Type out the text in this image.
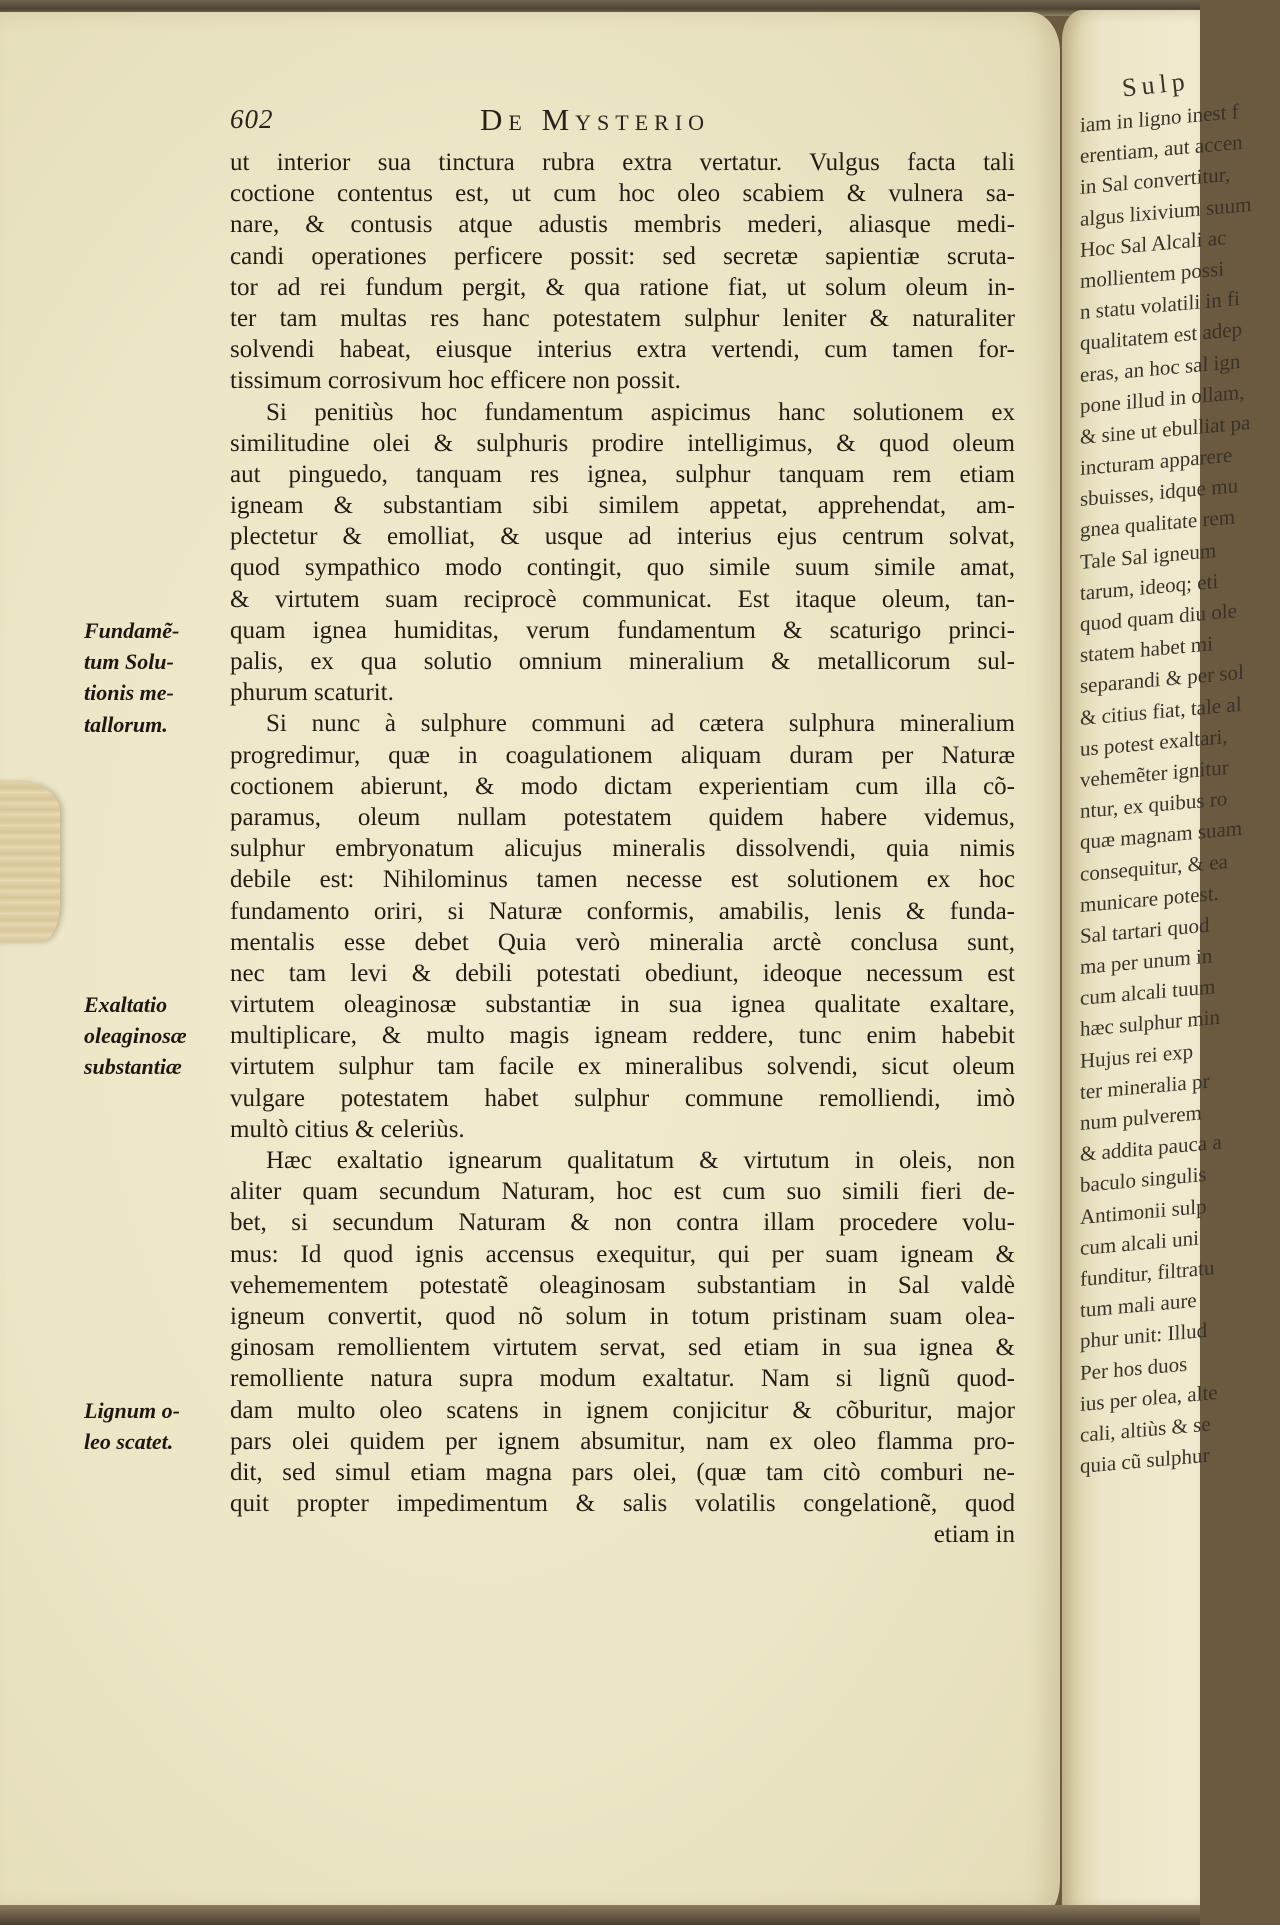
602	De Mysterio
ut interior sua tinctura rubra extra vertatur. Vulgus facta tali
coctione contentus est, ut cum hoc oleo scabiem & vulnera sa-
nare, & contusis atque adustis membris mederi, aliasque medi-
candi operationes perficere possit: sed secretæ sapientiæ scruta-
tor ad rei fundum pergit, & qua ratione fiat, ut solum oleum in-
ter tam multas res hanc potestatem sulphur leniter & naturaliter
solvendi habeat, eiusque interius extra vertendi, cum tamen for-
tissimum corrosivum hoc efficere non possit.
Si penitiùs hoc fundamentum aspicimus hanc solutionem ex
similitudine olei & sulphuris prodire intelligimus, & quod oleum
aut pinguedo, tanquam res ignea, sulphur tanquam rem etiam
igneam & substantiam sibi similem appetat, apprehendat, am-
plectetur & emolliat, & usque ad interius ejus centrum solvat,
quod sympathico modo contingit, quo simile suum simile amat,
& virtutem suam reciprocè communicat. Est itaque oleum, tan-
quam ignea humiditas, verum fundamentum & scaturigo princi-
palis, ex qua solutio omnium mineralium & metallicorum sul-
phurum scaturit.
Si nunc à sulphure communi ad cætera sulphura mineralium
progredimur, quæ in coagulationem aliquam duram per Naturæ
coctionem abierunt, & modo dictam experientiam cum illa cõ-
paramus, oleum nullam potestatem quidem habere videmus,
sulphur embryonatum alicujus mineralis dissolvendi, quia nimis
debile est: Nihilominus tamen necesse est solutionem ex hoc
fundamento oriri, si Naturæ conformis, amabilis, lenis & funda-
mentalis esse debet Quia verò mineralia arctè conclusa sunt,
nec tam levi & debili potestati obediunt, ideoque necessum est
virtutem oleaginosæ substantiæ in sua ignea qualitate exaltare,
multiplicare, & multo magis igneam reddere, tunc enim habebit
virtutem sulphur tam facile ex mineralibus solvendi, sicut oleum
vulgare potestatem habet sulphur commune remolliendi, imò
multò citius & celeriùs.
Hæc exaltatio ignearum qualitatum & virtutum in oleis, non
aliter quam secundum Naturam, hoc est cum suo simili fieri de-
bet, si secundum Naturam & non contra illam procedere volu-
mus: Id quod ignis accensus exequitur, qui per suam igneam &
vehemementem potestatẽ oleaginosam substantiam in Sal valdè
igneum convertit, quod nõ solum in totum pristinam suam olea-
ginosam remollientem virtutem servat, sed etiam in sua ignea &
remolliente natura supra modum exaltatur. Nam si lignũ quod-
dam multo oleo scatens in ignem conjicitur & cõburitur, major
pars olei quidem per ignem absumitur, nam ex oleo flamma pro-
dit, sed simul etiam magna pars olei, (quæ tam citò comburi ne-
quit propter impedimentum & salis volatilis congelationẽ, quod
etiam in
Fundamẽ-
tum Solu-
tionis me-
tallorum.
Exaltatio
oleaginosæ
substantiæ
Lignum o-
leo scatet.
Sulp
iam in ligno inest f
erentiam, aut accen
in Sal convertitur,
algus lixivium suum
Hoc Sal Alcali ac
mollientem possi
n statu volatili in fi
qualitatem est adep
eras, an hoc sal ign
pone illud in ollam,
& sine ut ebulliat pa
incturam apparere
sbuisses, idque mu
gnea qualitate rem
Tale Sal igneum
tarum, ideoq; eti
quod quam diu ole
statem habet mi
separandi & per sol
& citius fiat, tale al
us potest exaltari,
vehemẽter ignitur
ntur, ex quibus ro
quæ magnam suam
consequitur, & ea
municare potest.
Sal tartari quod
ma per unum in
cum alcali tuum
hæc sulphur min
Hujus rei exp
ter mineralia pr
num pulverem
& addita pauca a
baculo singulis
Antimonii sulp
cum alcali uni
funditur, filtratu
tum mali aure
phur unit: Illud
Per hos duos
ius per olea, alte
cali, altiùs & se
quia cũ sulphur
